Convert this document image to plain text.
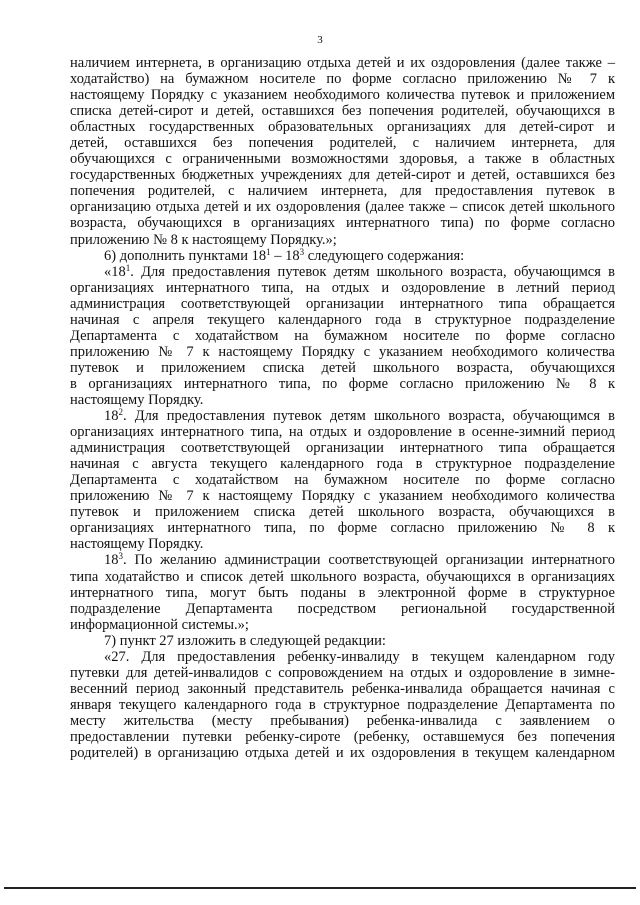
3

наличием интернета, в организацию отдыха детей и их оздоровления (далее также –

ходатайство) на бумажном носителе по форме согласно приложению № 7 к

настоящему Порядку с указанием необходимого количества путевок и приложением

списка детей-сирот и детей, оставшихся без попечения родителей, обучающихся в

областных государственных образовательных организациях для детей-сирот и

детей, оставшихся без попечения родителей, с наличием интернета, для

обучающихся с ограниченными возможностями здоровья, а также в областных

государственных бюджетных учреждениях для детей-сирот и детей, оставшихся без

попечения родителей, с наличием интернета, для предоставления путевок в

организацию отдыха детей и их оздоровления (далее также – список детей школьного

возраста, обучающихся в организациях интернатного типа) по форме согласно

приложению № 8 к настоящему Порядку.»;

6) дополнить пунктами $18^1 - 18^3$ следующего содержания:

«$18^1$. Для предоставления путевок детям школьного возраста, обучающимся в

организациях интернатного типа, на отдых и оздоровление в летний период

администрация соответствующей организации интернатного типа обращается

начиная с апреля текущего календарного года в структурное подразделение

Департамента с ходатайством на бумажном носителе по форме согласно

приложению № 7 к настоящему Порядку с указанием необходимого количества

путевок и приложением списка детей школьного возраста, обучающихся

в организациях интернатного типа, по форме согласно приложению № 8 к

настоящему Порядку.

$18^2$. Для предоставления путевок детям школьного возраста, обучающимся в

организациях интернатного типа, на отдых и оздоровление в осенне-зимний период

администрация соответствующей организации интернатного типа обращается

начиная с августа текущего календарного года в структурное подразделение

Департамента с ходатайством на бумажном носителе по форме согласно

приложению № 7 к настоящему Порядку с указанием необходимого количества

путевок и приложением списка детей школьного возраста, обучающихся в

организациях интернатного типа, по форме согласно приложению № 8 к

настоящему Порядку.

$18^3$. По желанию администрации соответствующей организации интернатного

типа ходатайство и список детей школьного возраста, обучающихся в организациях

интернатного типа, могут быть поданы в электронной форме в структурное

подразделение Департамента посредством региональной государственной

информационной системы.»;

7) пункт 27 изложить в следующей редакции:

«27. Для предоставления ребенку-инвалиду в текущем календарном году

путевки для детей-инвалидов с сопровождением на отдых и оздоровление в зимне-

весенний период законный представитель ребенка-инвалида обращается начиная с

января текущего календарного года в структурное подразделение Департамента по

месту жительства (месту пребывания) ребенка-инвалида с заявлением о

предоставлении путевки ребенку-сироте (ребенку, оставшемуся без попечения

родителей) в организацию отдыха детей и их оздоровления в текущем календарном
